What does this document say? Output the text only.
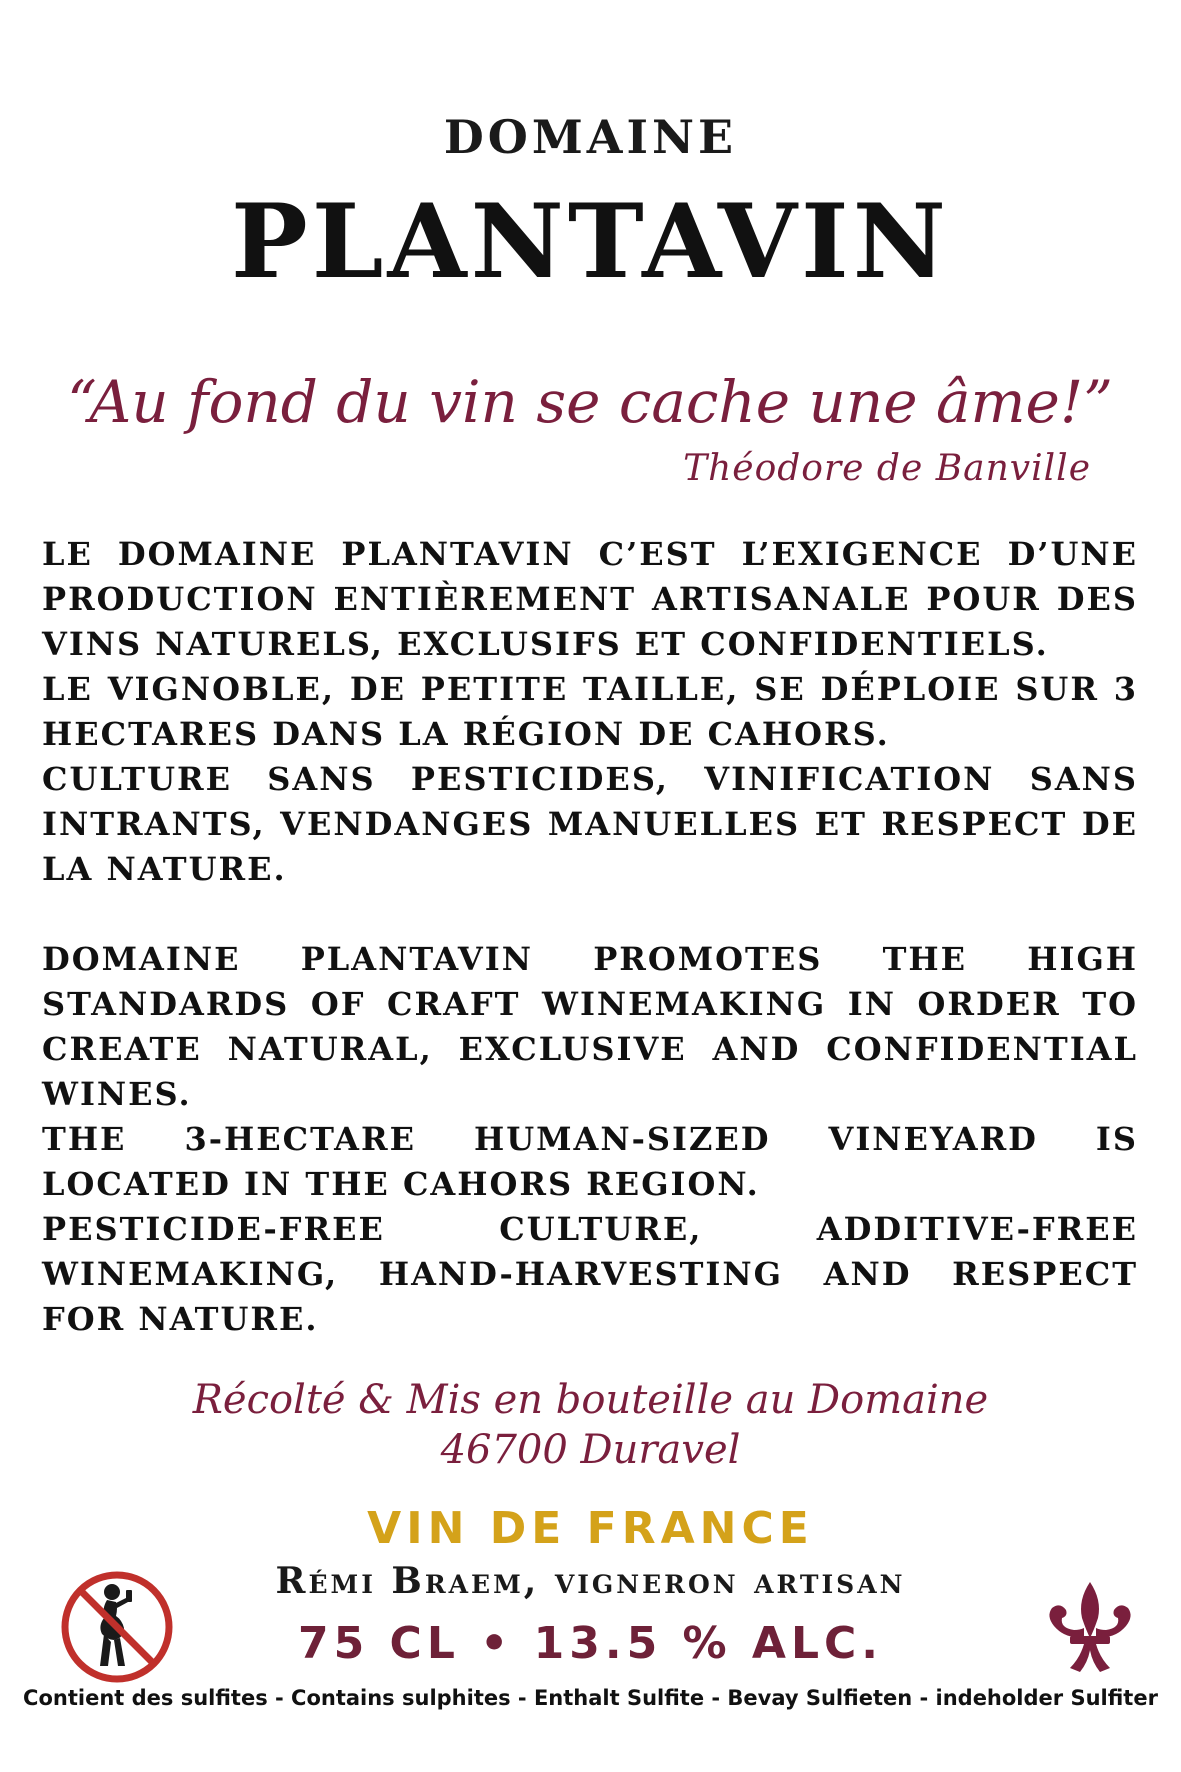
DOMAINE
PLANTAVIN
“Au fond du vin se cache une âme!”
Théodore de Banville

LE DOMAINE PLANTAVIN C’EST L’EXIGENCE D’UNE PRODUCTION ENTIÈREMENT ARTISANALE POUR DES VINS NATURELS, EXCLUSIFS ET CONFIDENTIELS.

LE VIGNOBLE, DE PETITE TAILLE, SE DÉPLOIE SUR 3 HECTARES DANS LA RÉGION DE CAHORS.

CULTURE SANS PESTICIDES, VINIFICATION SANS INTRANTS, VENDANGES MANUELLES ET RESPECT DE LA NATURE.

DOMAINE PLANTAVIN PROMOTES THE HIGH STANDARDS OF CRAFT WINEMAKING IN ORDER TO CREATE NATURAL, EXCLUSIVE AND CONFIDENTIAL WINES.

THE 3-HECTARE HUMAN-SIZED VINEYARD IS LOCATED IN THE CAHORS REGION.

PESTICIDE-FREE CULTURE, ADDITIVE-FREE WINEMAKING, HAND-HARVESTING AND RESPECT FOR NATURE.

Récolté & Mis en bouteille au Domaine
46700 Duravel
VIN DE FRANCE
Rémi Braem, vigneron artisan
75 CL • 13.5 % ALC.
Contient des sulfites - Contains sulphites - Enthalt Sulfite - Bevay Sulfieten - indeholder Sulfiter
